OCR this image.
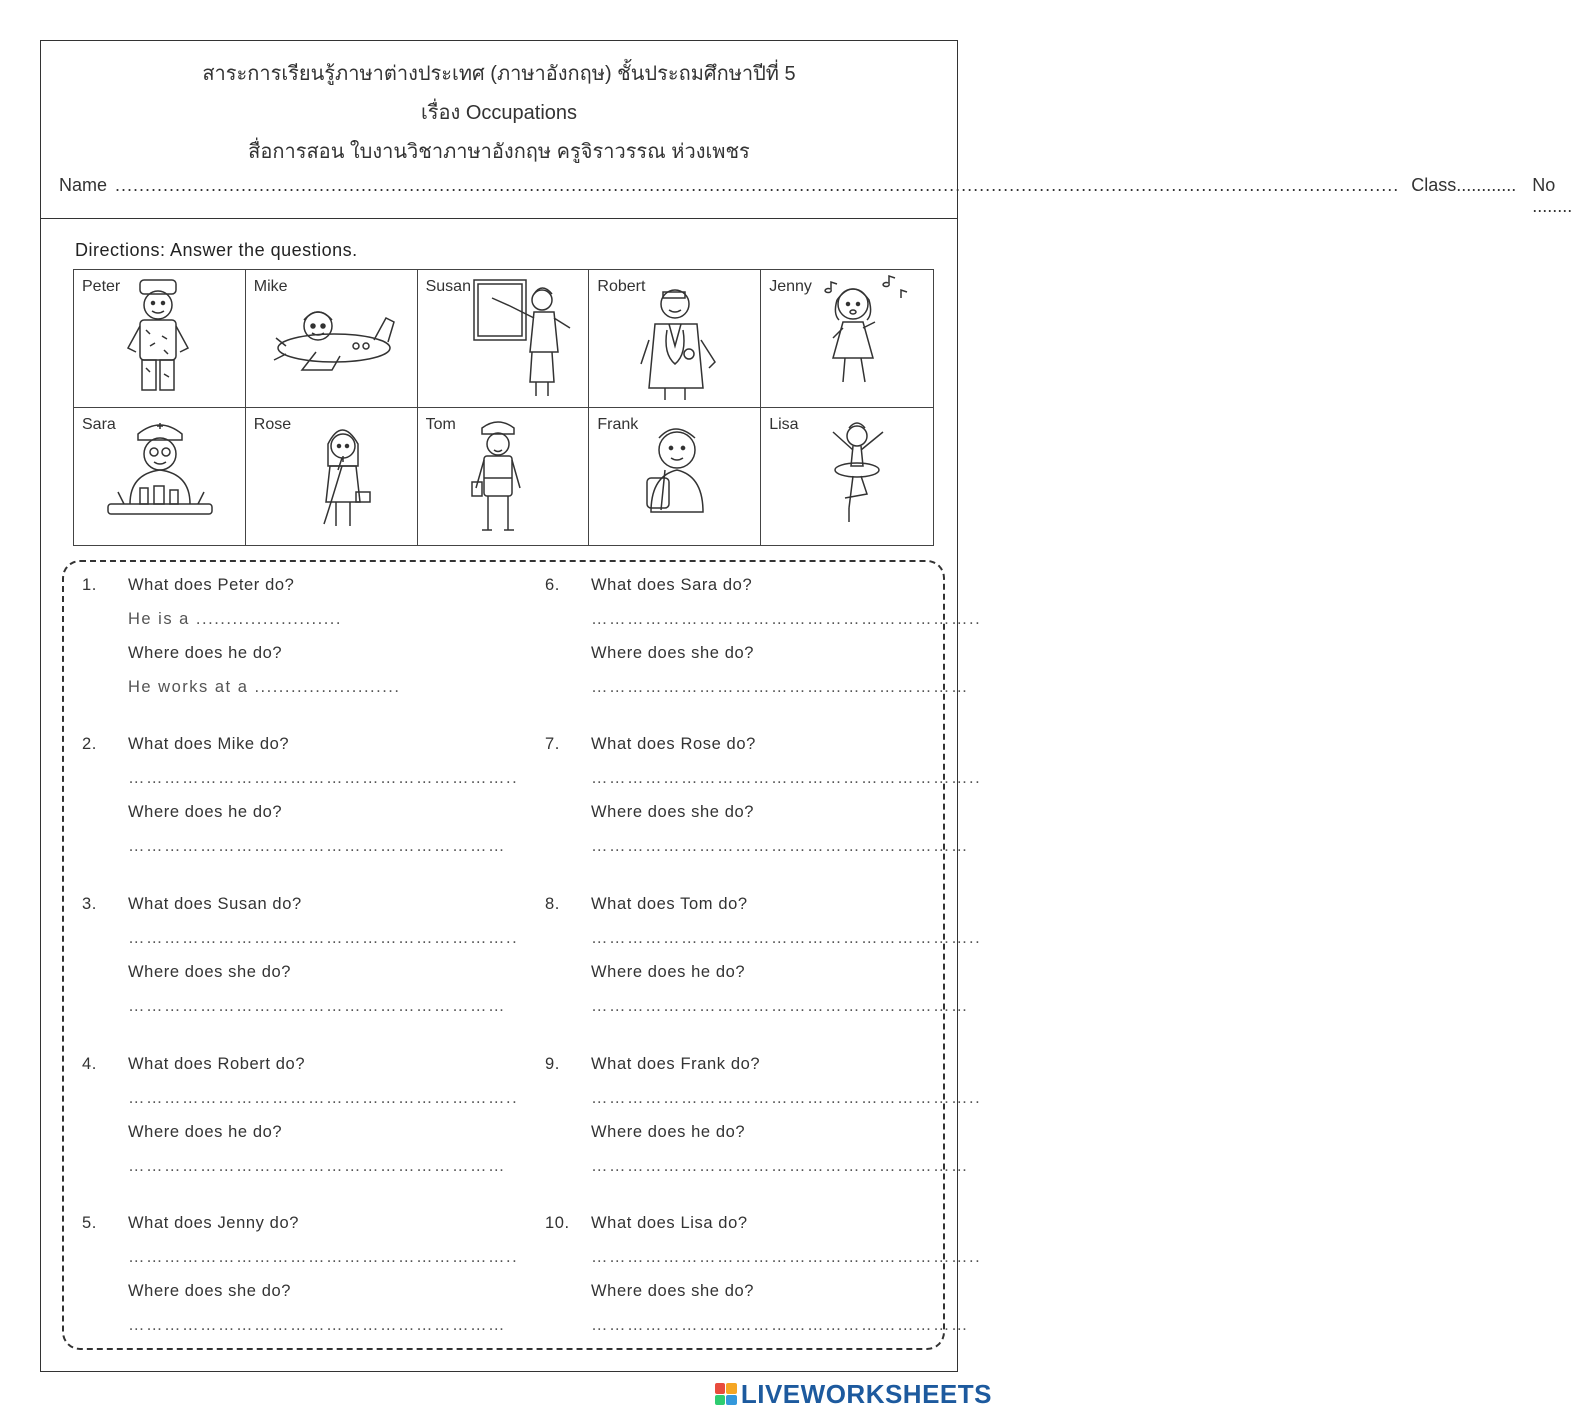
สาระการเรียนรู้ภาษาต่างประเทศ (ภาษาอังกฤษ) ชั้นประถมศึกษาปีที่ 5
เรื่อง Occupations
สื่อการสอน ใบงานวิชาภาษาอังกฤษ ครูจิราวรรณ ห่วงเพชร
Name ...................................................................................................................................................................................................................... Class............ No ........
Directions: Answer the questions.
Peter	Mike	Susan	Robert	Jenny
Sara	Rose	Tom	Frank	Lisa
1. What does Peter do?
He is a ........................
Where does he do?
He works at a ........................
2. What does Mike do?
………………………………………………………..
Where does he do?
………………………………………………………
3. What does Susan do?
………………………………………………………..
Where does she do?
………………………………………………………
4. What does Robert do?
………………………………………………………..
Where does he do?
………………………………………………………
5. What does Jenny do?
………………………………………………………..
Where does she do?
………………………………………………………
6. What does Sara do?
………………………………………………………..
Where does she do?
………………………………………………………
7. What does Rose do?
………………………………………………………..
Where does she do?
………………………………………………………
8. What does Tom do?
………………………………………………………..
Where does he do?
………………………………………………………
9. What does Frank do?
………………………………………………………..
Where does he do?
………………………………………………………
10. What does Lisa do?
………………………………………………………..
Where does she do?
………………………………………………………
LIVEWORKSHEETS
